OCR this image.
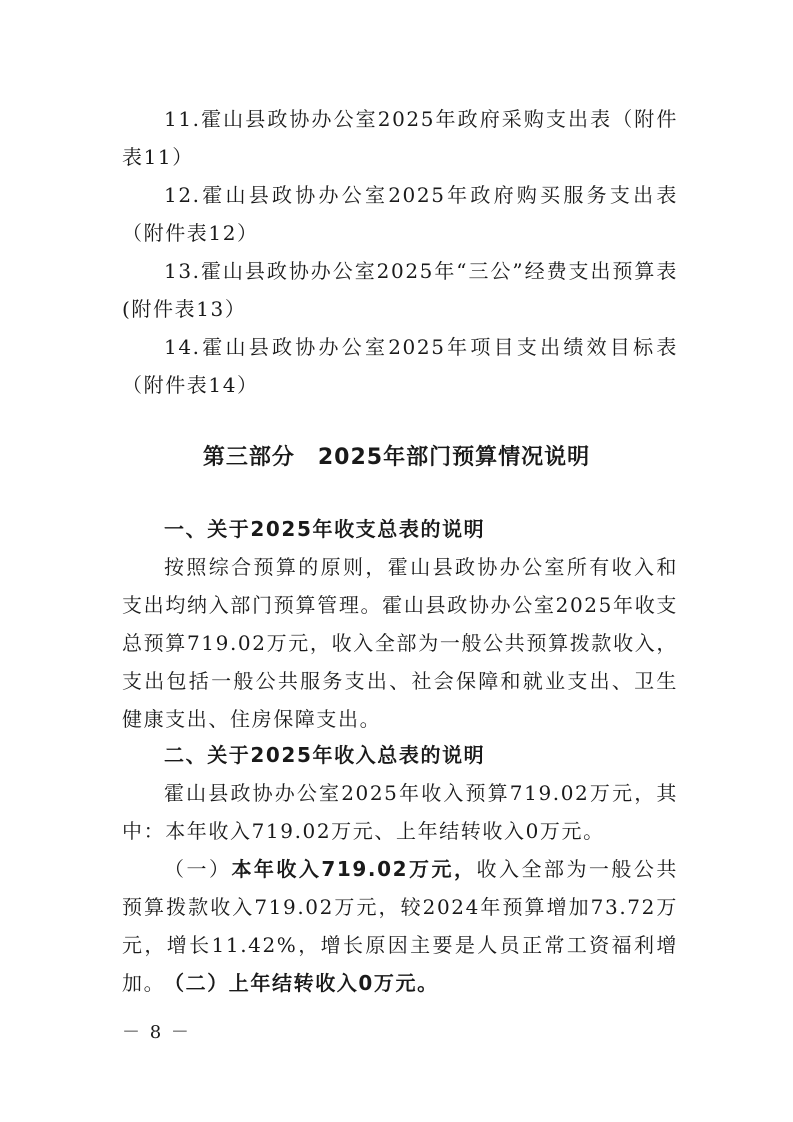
11.霍山县政协办公室2025年政府采购支出表（附件表11）

12.霍山县政协办公室2025年政府购买服务支出表（附件表12）

13.霍山县政协办公室2025年“三公”经费支出预算表(附件表13）

14.霍山县政协办公室2025年项目支出绩效目标表（附件表14）

第三部分　2025年部门预算情况说明

一、关于2025年收支总表的说明

按照综合预算的原则，霍山县政协办公室所有收入和支出均纳入部门预算管理。霍山县政协办公室2025年收支总预算719.02万元，收入全部为一般公共预算拨款收入，支出包括一般公共服务支出、社会保障和就业支出、卫生健康支出、住房保障支出。

二、关于2025年收入总表的说明

霍山县政协办公室2025年收入预算719.02万元，其中：本年收入719.02万元、上年结转收入0万元。

（一）本年收入719.02万元，收入全部为一般公共预算拨款收入719.02万元，较2024年预算增加73.72万元，增长11.42%，增长原因主要是人员正常工资福利增加。

（二）上年结转收入0万元。

－ 8 －
